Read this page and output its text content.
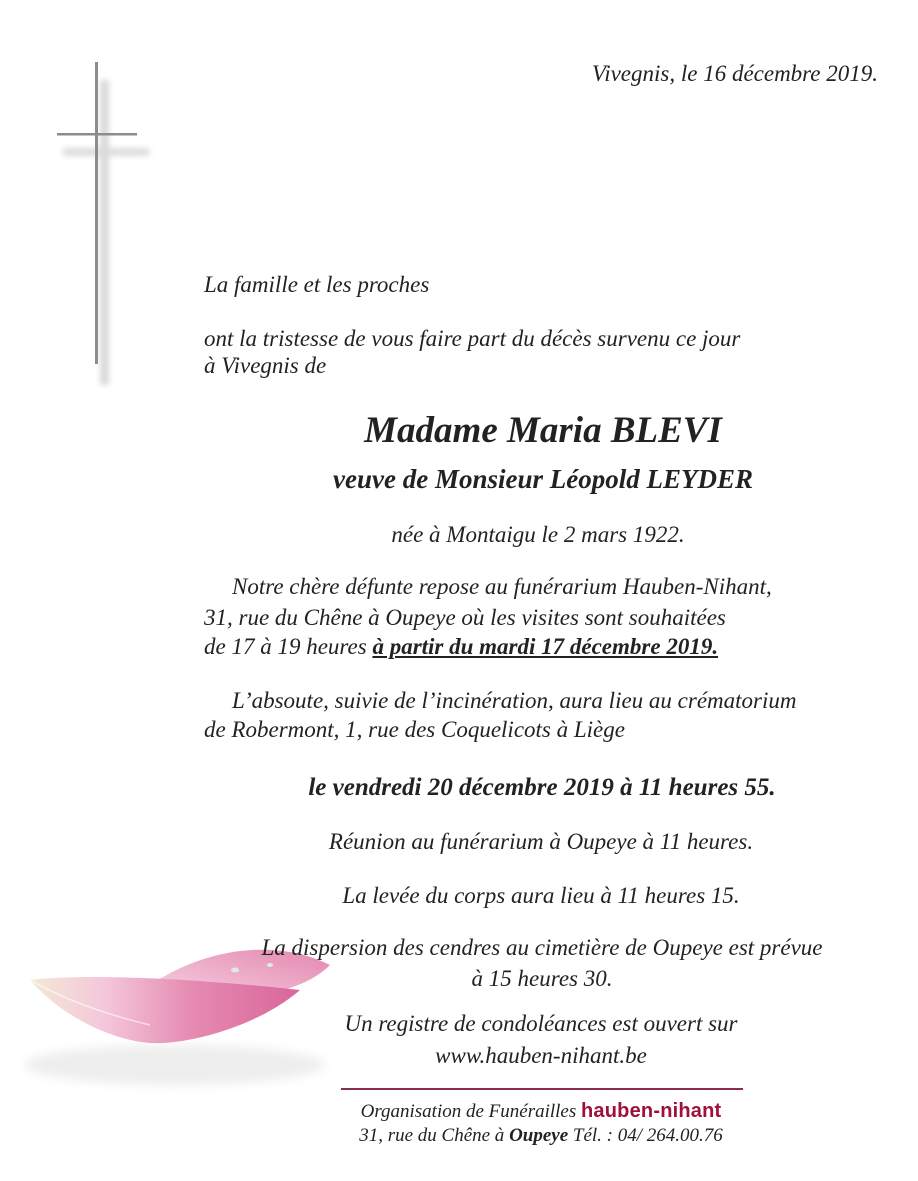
Vivegnis, le 16 décembre 2019.
La famille et les proches
ont la tristesse de vous faire part du décès survenu ce jour
à Vivegnis de
Madame Maria BLEVI
veuve de Monsieur Léopold LEYDER
née à Montaigu le 2 mars 1922.
Notre chère défunte repose au funérarium Hauben-Nihant,
31, rue du Chêne à Oupeye où les visites sont souhaitées
de 17 à 19 heures à partir du mardi 17 décembre 2019.
L’absoute, suivie de l’incinération, aura lieu au crématorium
de Robermont, 1, rue des Coquelicots à Liège
le vendredi 20 décembre 2019 à 11 heures 55.
Réunion au funérarium à Oupeye à 11 heures.
La levée du corps aura lieu à 11 heures 15.
La dispersion des cendres au cimetière de Oupeye est prévue
à 15 heures 30.
Un registre de condoléances est ouvert sur
www.hauben-nihant.be
Organisation de Funérailles hauben-nihant
31, rue du Chêne à Oupeye Tél. : 04/ 264.00.76
